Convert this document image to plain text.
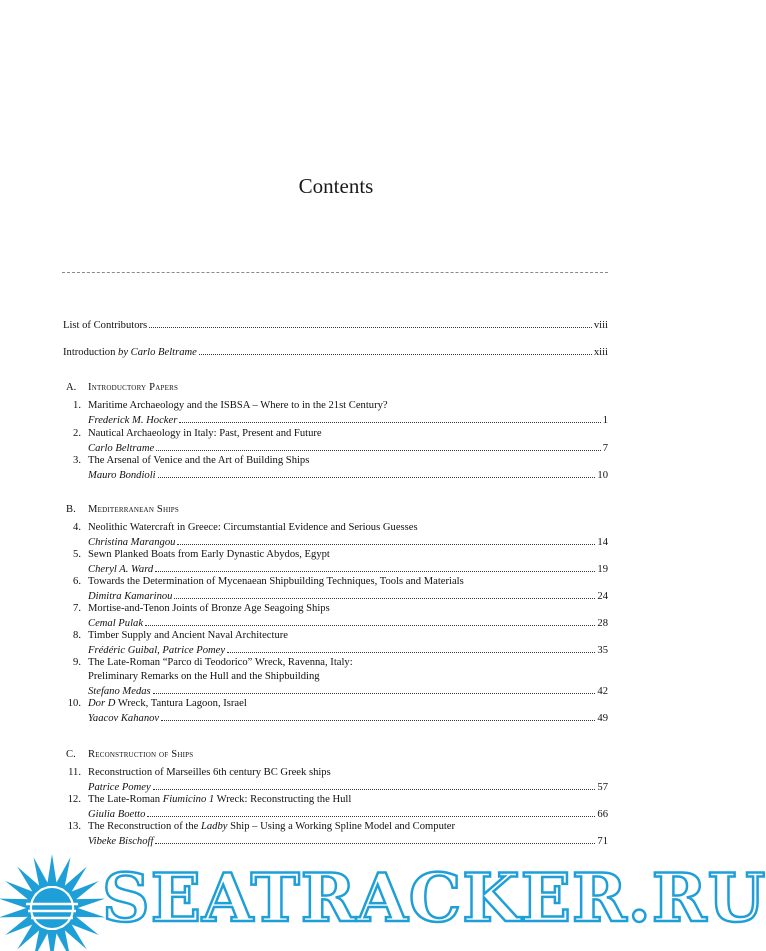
Contents
List of Contributors	viii
Introduction by Carlo Beltrame	xiii
A. Introductory Papers
1. Maritime Archaeology and the ISBSA – Where to in the 21st Century?
Frederick M. Hocker	1
2. Nautical Archaeology in Italy: Past, Present and Future
Carlo Beltrame	7
3. The Arsenal of Venice and the Art of Building Ships
Mauro Bondioli	10
B. Mediterranean Ships
4. Neolithic Watercraft in Greece: Circumstantial Evidence and Serious Guesses
Christina Marangou	14
5. Sewn Planked Boats from Early Dynastic Abydos, Egypt
Cheryl A. Ward	19
6. Towards the Determination of Mycenaean Shipbuilding Techniques, Tools and Materials
Dimitra Kamarinou	24
7. Mortise-and-Tenon Joints of Bronze Age Seagoing Ships
Cemal Pulak	28
8. Timber Supply and Ancient Naval Architecture
Frédéric Guibal, Patrice Pomey	35
9. The Late-Roman “Parco di Teodorico” Wreck, Ravenna, Italy:
Preliminary Remarks on the Hull and the Shipbuilding
Stefano Medas	42
10. Dor D Wreck, Tantura Lagoon, Israel
Yaacov Kahanov	49
C. Reconstruction of Ships
11. Reconstruction of Marseilles 6th century BC Greek ships
Patrice Pomey	57
12. The Late-Roman Fiumicino 1 Wreck: Reconstructing the Hull
Giulia Boetto	66
13. The Reconstruction of the Ladby Ship – Using a Working Spline Model and Computer
Vibeke Bischoff	71
SEATRACKER.RU
